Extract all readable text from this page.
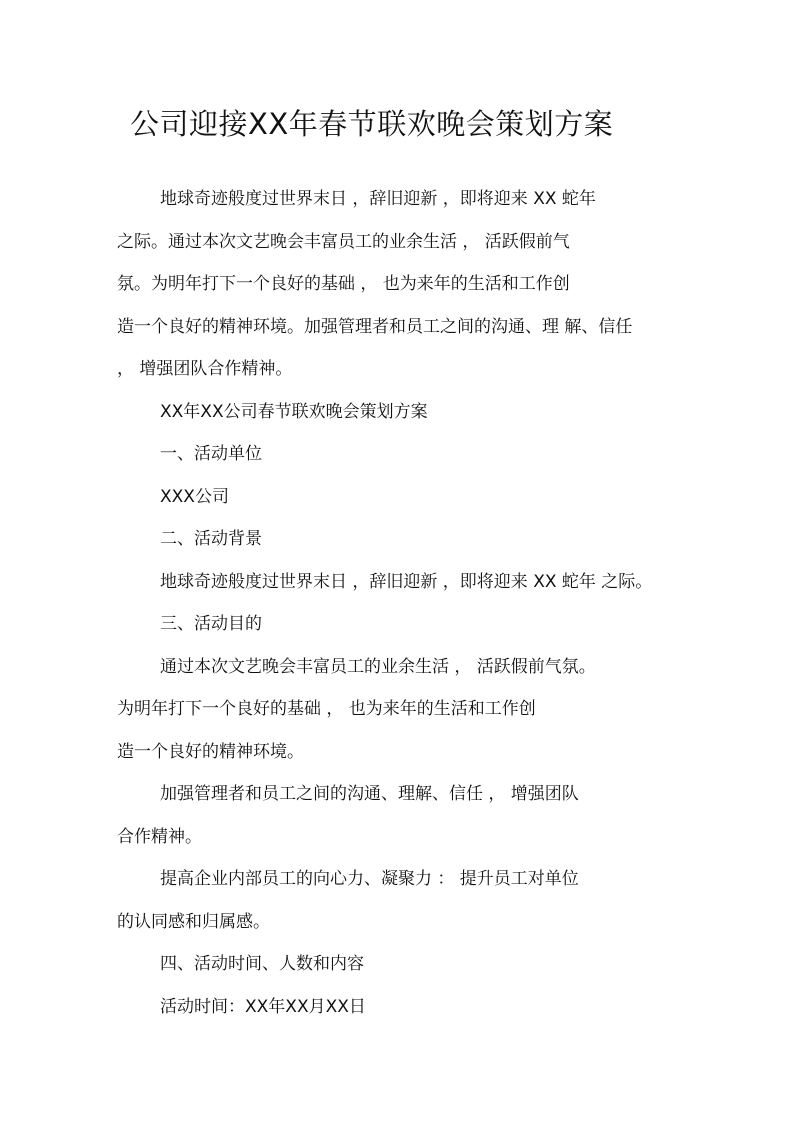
公司迎接XX年春节联欢晚会策划方案
地球奇迹般度过世界末日 ，辞旧迎新 ，即将迎来 XX 蛇年
之际。通过本次文艺晚会丰富员工的业余生活 ， 活跃假前气
氛。为明年打下一个良好的基础 ， 也为来年的生活和工作创
造一个良好的精神环境。加强管理者和员工之间的沟通、理 解、信任
， 增强团队合作精神。
XX年XX公司春节联欢晚会策划方案
一、活动单位
XXX公司
二、活动背景
地球奇迹般度过世界末日 ，辞旧迎新 ，即将迎来 XX 蛇年 之际。
三、活动目的
通过本次文艺晚会丰富员工的业余生活 ， 活跃假前气氛。
为明年打下一个良好的基础 ， 也为来年的生活和工作创
造一个良好的精神环境。
加强管理者和员工之间的沟通、理解、信任 ， 增强团队
合作精神。
提高企业内部员工的向心力、凝聚力 ： 提升员工对单位
的认同感和归属感。
四、活动时间、人数和内容
活动时间：XX年XX月XX日
